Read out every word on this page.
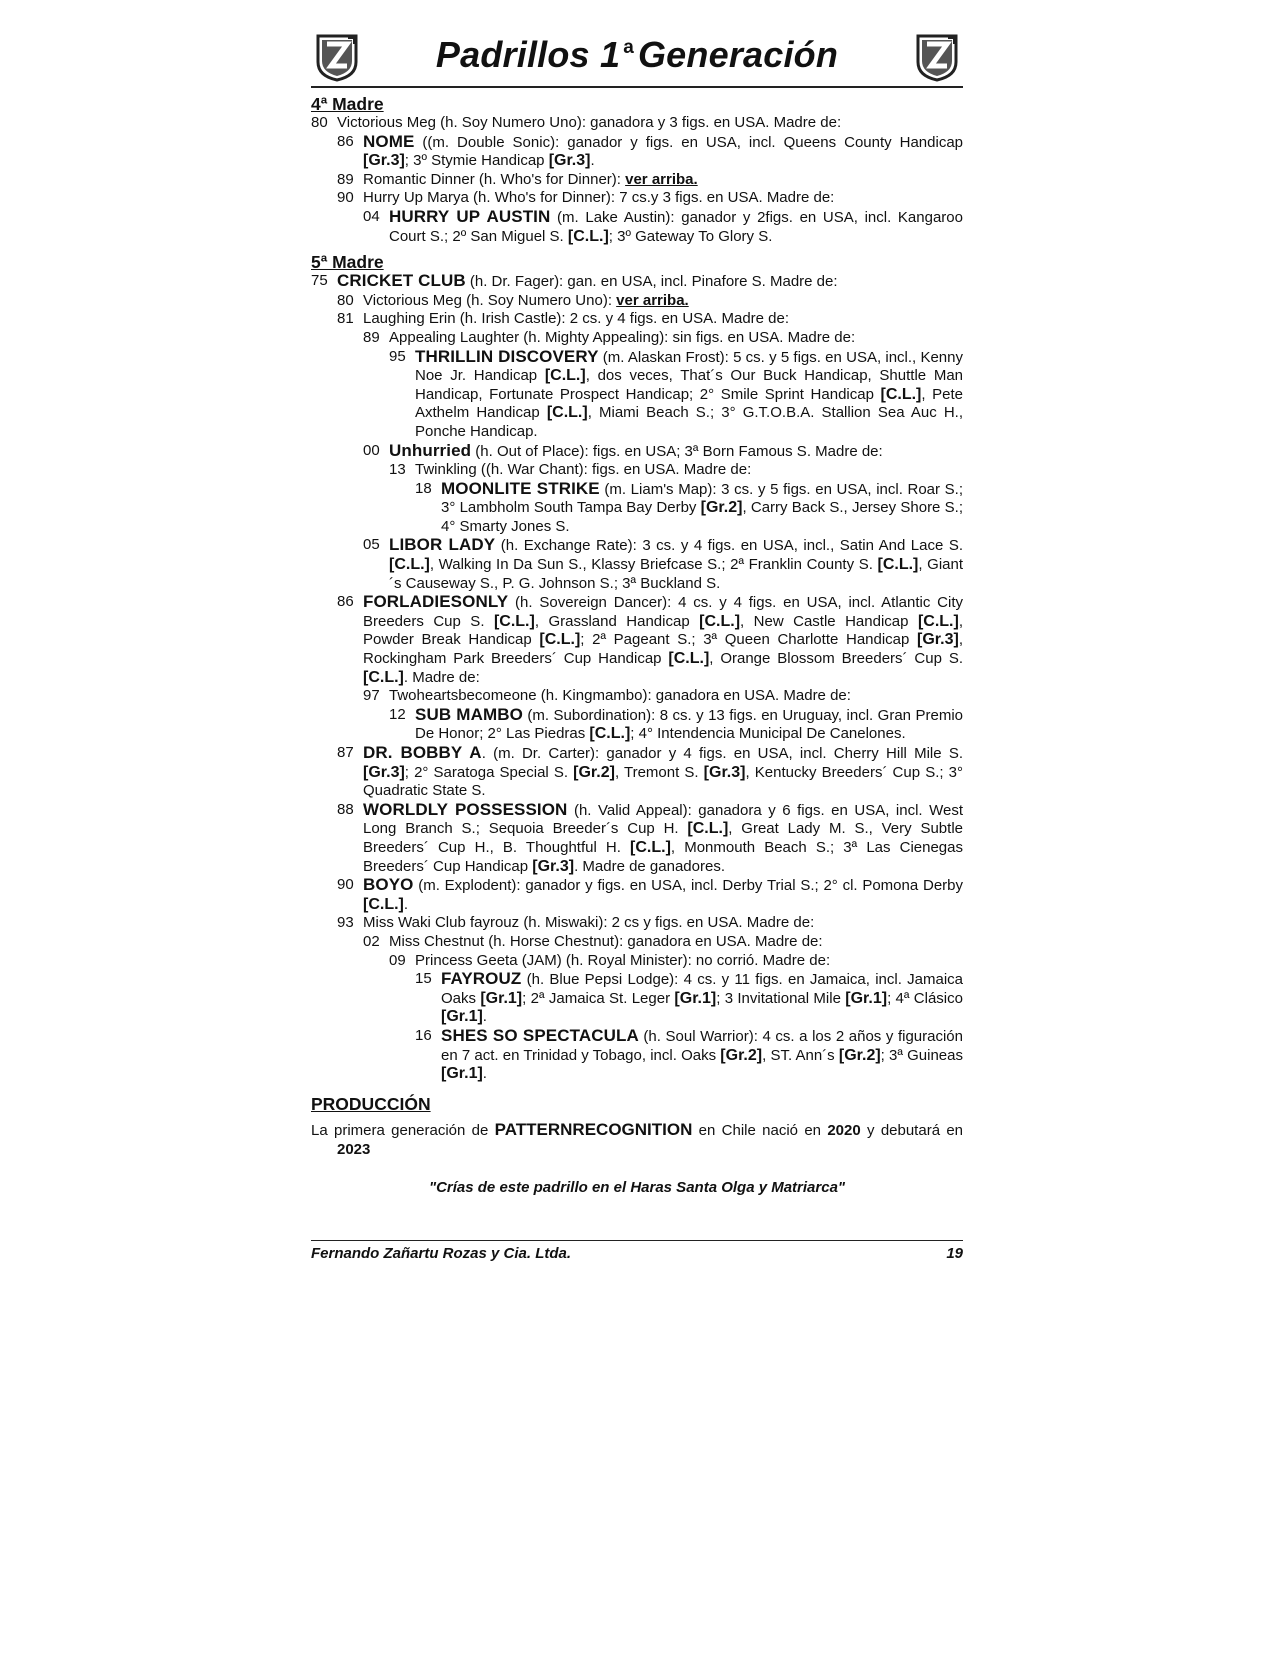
Padrillos 1 $^a$ Generación
4ª Madre
80 Victorious Meg (h. Soy Numero Uno): ganadora y 3 figs. en USA. Madre de:
86 NOME ((m. Double Sonic): ganador y figs. en USA, incl. Queens County Handicap [Gr.3]; 3º Stymie Handicap [Gr.3].
89 Romantic Dinner (h. Who's for Dinner): ver arriba.
90 Hurry Up Marya (h. Who's for Dinner): 7 cs.y 3 figs. en USA. Madre de:
04 HURRY UP AUSTIN (m. Lake Austin): ganador y 2figs. en USA, incl. Kangaroo Court S.; 2º San Miguel S. [C.L.]; 3º Gateway To Glory S.
5ª Madre
75 CRICKET CLUB (h. Dr. Fager): gan. en USA, incl. Pinafore S. Madre de:
80 Victorious Meg (h. Soy Numero Uno): ver arriba.
81 Laughing Erin (h. Irish Castle): 2 cs. y 4 figs. en USA. Madre de:
89 Appealing Laughter (h. Mighty Appealing): sin figs. en USA. Madre de:
95 THRILLIN DISCOVERY (m. Alaskan Frost): 5 cs. y 5 figs. en USA, incl., Kenny Noe Jr. Handicap [C.L.], dos veces, That´s Our Buck Handicap, Shuttle Man Handicap, Fortunate Prospect Handicap; 2° Smile Sprint Handicap [C.L.], Pete Axthelm Handicap [C.L.], Miami Beach S.; 3° G.T.O.B.A. Stallion Sea Auc H., Ponche Handicap.
00 Unhurried (h. Out of Place): figs. en USA; 3ª Born Famous S. Madre de:
13 Twinkling ((h. War Chant): figs. en USA. Madre de:
18 MOONLITE STRIKE (m. Liam's Map): 3 cs. y 5 figs. en USA, incl. Roar S.; 3° Lambholm South Tampa Bay Derby [Gr.2], Carry Back S., Jersey Shore S.; 4° Smarty Jones S.
05 LIBOR LADY (h. Exchange Rate): 3 cs. y 4 figs. en USA, incl., Satin And Lace S. [C.L.], Walking In Da Sun S., Klassy Briefcase S.; 2ª Franklin County S. [C.L.], Giant´s Causeway S., P. G. Johnson S.; 3ª Buckland S.
86 FORLADIESONLY (h. Sovereign Dancer): 4 cs. y 4 figs. en USA, incl. Atlantic City Breeders Cup S. [C.L.], Grassland Handicap [C.L.], New Castle Handicap [C.L.], Powder Break Handicap [C.L.]; 2ª Pageant S.; 3ª Queen Charlotte Handicap [Gr.3], Rockingham Park Breeders´ Cup Handicap [C.L.], Orange Blossom Breeders´ Cup S. [C.L.]. Madre de:
97 Twoheartsbecomeone (h. Kingmambo): ganadora en USA. Madre de:
12 SUB MAMBO (m. Subordination): 8 cs. y 13 figs. en Uruguay, incl. Gran Premio De Honor; 2° Las Piedras [C.L.]; 4° Intendencia Municipal De Canelones.
87 DR. BOBBY A. (m. Dr. Carter): ganador y 4 figs. en USA, incl. Cherry Hill Mile S. [Gr.3]; 2° Saratoga Special S. [Gr.2], Tremont S. [Gr.3], Kentucky Breeders´ Cup S.; 3° Quadratic State S.
88 WORLDLY POSSESSION (h. Valid Appeal): ganadora y 6 figs. en USA, incl. West Long Branch S.; Sequoia Breeder´s Cup H. [C.L.], Great Lady M. S., Very Subtle Breeders´ Cup H., B. Thoughtful H. [C.L.], Monmouth Beach S.; 3ª Las Cienegas Breeders´ Cup Handicap [Gr.3]. Madre de ganadores.
90 BOYO (m. Explodent): ganador y figs. en USA, incl. Derby Trial S.; 2° cl. Pomona Derby [C.L.].
93 Miss Waki Club fayrouz (h. Miswaki): 2 cs y figs. en USA. Madre de:
02 Miss Chestnut (h. Horse Chestnut): ganadora en USA. Madre de:
09 Princess Geeta (JAM) (h. Royal Minister): no corrió. Madre de:
15 FAYROUZ (h. Blue Pepsi Lodge): 4 cs. y 11 figs. en Jamaica, incl. Jamaica Oaks [Gr.1]; 2ª Jamaica St. Leger [Gr.1]; 3 Invitational Mile [Gr.1]; 4ª Clásico [Gr.1].
16 SHES SO SPECTACULA (h. Soul Warrior): 4 cs. a los 2 años y figuración en 7 act. en Trinidad y Tobago, incl. Oaks [Gr.2], ST. Ann´s [Gr.2]; 3ª Guineas [Gr.1].
PRODUCCIÓN
La primera generación de PATTERNRECOGNITION en Chile nació en 2020 y debutará en 2023
"Crías de este padrillo en el Haras Santa Olga y Matriarca"
Fernando Zañartu Rozas y Cia. Ltda.	19
